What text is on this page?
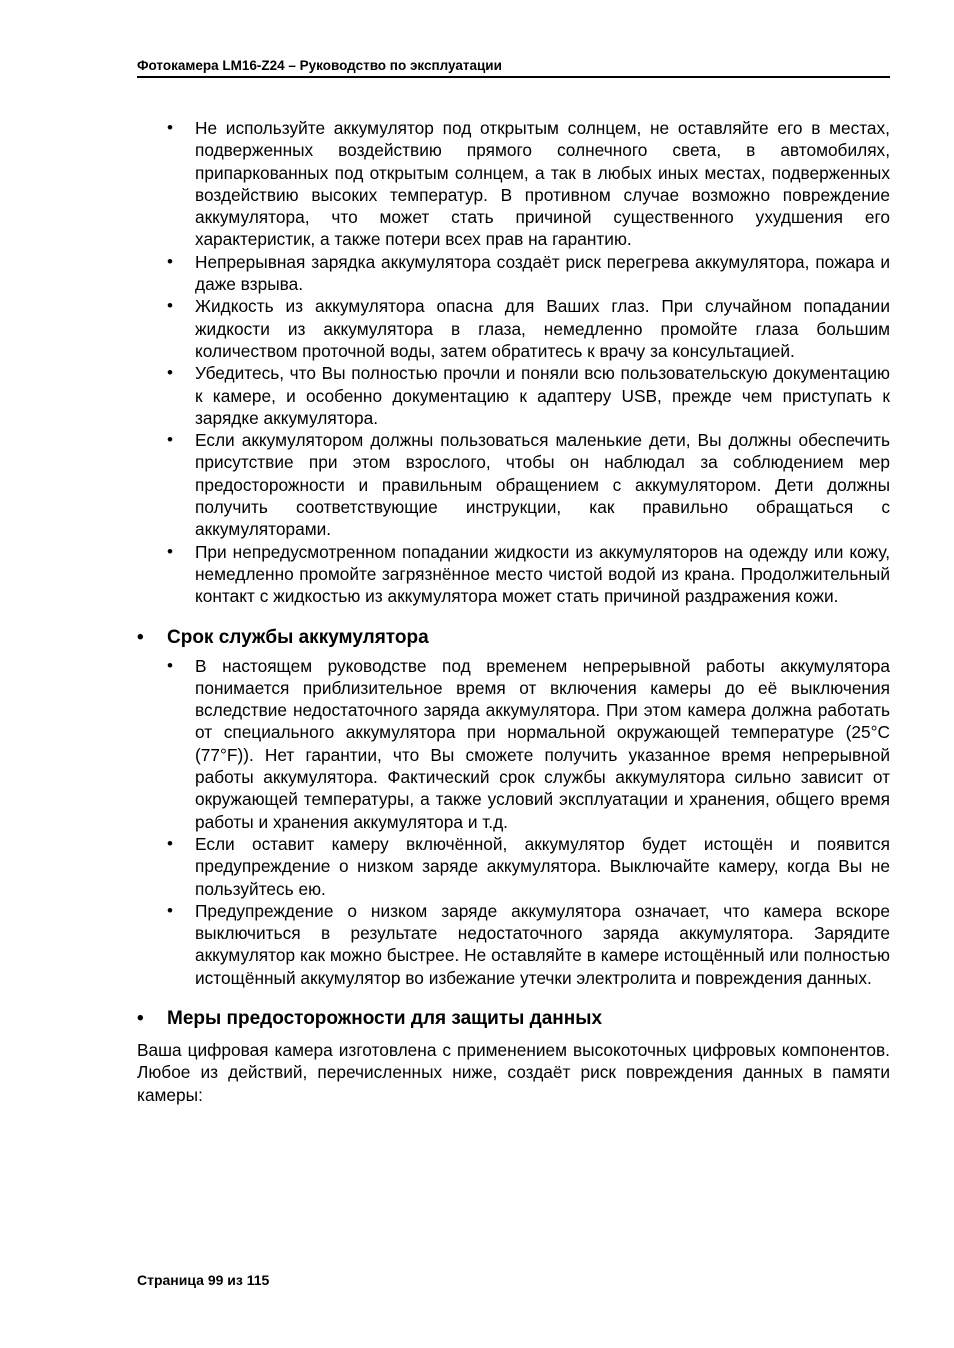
Фотокамера LM16-Z24 – Руководство по эксплуатации
• Не используйте аккумулятор под открытым солнцем, не оставляйте его в местах, подверженных воздействию прямого солнечного света, в автомобилях, припаркованных под открытым солнцем, а так в любых иных местах, подверженных воздействию высоких температур. В противном случае возможно повреждение аккумулятора, что может стать причиной существенного ухудшения его характеристик, а также потери всех прав на гарантию.
• Непрерывная зарядка аккумулятора создаёт риск перегрева аккумулятора, пожара и даже взрыва.
• Жидкость из аккумулятора опасна для Ваших глаз. При случайном попадании жидкости из аккумулятора в глаза, немедленно промойте глаза большим количеством проточной воды, затем обратитесь к врачу за консультацией.
• Убедитесь, что Вы полностью прочли и поняли всю пользовательскую документацию к камере, и особенно документацию к адаптеру USB, прежде чем приступать к зарядке аккумулятора.
• Если аккумулятором должны пользоваться маленькие дети, Вы должны обеспечить присутствие при этом взрослого, чтобы он наблюдал за соблюдением мер предосторожности и правильным обращением с аккумулятором. Дети должны получить соответствующие инструкции, как правильно обращаться с аккумуляторами.
• При непредусмотренном попадании жидкости из аккумуляторов на одежду или кожу, немедленно промойте загрязнённое место чистой водой из крана. Продолжительный контакт с жидкостью из аккумулятора может стать причиной раздражения кожи.
• Срок службы аккумулятора
• В настоящем руководстве под временем непрерывной работы аккумулятора понимается приблизительное время от включения камеры до её выключения вследствие недостаточного заряда аккумулятора. При этом камера должна работать от специального аккумулятора при нормальной окружающей температуре (25°C (77°F)). Нет гарантии, что Вы сможете получить указанное время непрерывной работы аккумулятора. Фактический срок службы аккумулятора сильно зависит от окружающей температуры, а также условий эксплуатации и хранения, общего время работы и хранения аккумулятора и т.д.
• Если оставит камеру включённой, аккумулятор будет истощён и появится предупреждение о низком заряде аккумулятора. Выключайте камеру, когда Вы не пользуйтесь ею.
• Предупреждение о низком заряде аккумулятора означает, что камера вскоре выключиться в результате недостаточного заряда аккумулятора. Зарядите аккумулятор как можно быстрее. Не оставляйте в камере истощённый или полностью истощённый аккумулятор во избежание утечки электролита и повреждения данных.
• Меры предосторожности для защиты данных
Ваша цифровая камера изготовлена с применением высокоточных цифровых компонентов. Любое из действий, перечисленных ниже, создаёт риск повреждения данных в памяти камеры:
Страница 99 из 115
